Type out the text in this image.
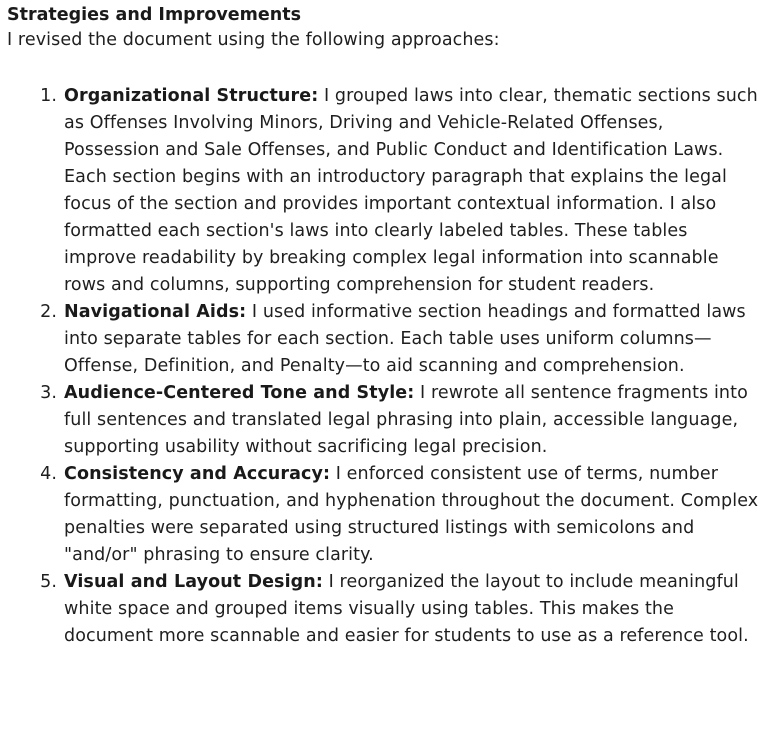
Strategies and Improvements

I revised the document using the following approaches:

1. Organizational Structure: I grouped laws into clear, thematic sections such as Offenses Involving Minors, Driving and Vehicle-Related Offenses, Possession and Sale Offenses, and Public Conduct and Identification Laws. Each section begins with an introductory paragraph that explains the legal focus of the section and provides important contextual information. I also formatted each section's laws into clearly labeled tables. These tables improve readability by breaking complex legal information into scannable rows and columns, supporting comprehension for student readers.
2. Navigational Aids: I used informative section headings and formatted laws into separate tables for each section. Each table uses uniform columns—Offense, Definition, and Penalty—to aid scanning and comprehension.
3. Audience-Centered Tone and Style: I rewrote all sentence fragments into full sentences and translated legal phrasing into plain, accessible language, supporting usability without sacrificing legal precision.
4. Consistency and Accuracy: I enforced consistent use of terms, number formatting, punctuation, and hyphenation throughout the document. Complex penalties were separated using structured listings with semicolons and "and/or" phrasing to ensure clarity.
5. Visual and Layout Design: I reorganized the layout to include meaningful white space and grouped items visually using tables. This makes the document more scannable and easier for students to use as a reference tool.
